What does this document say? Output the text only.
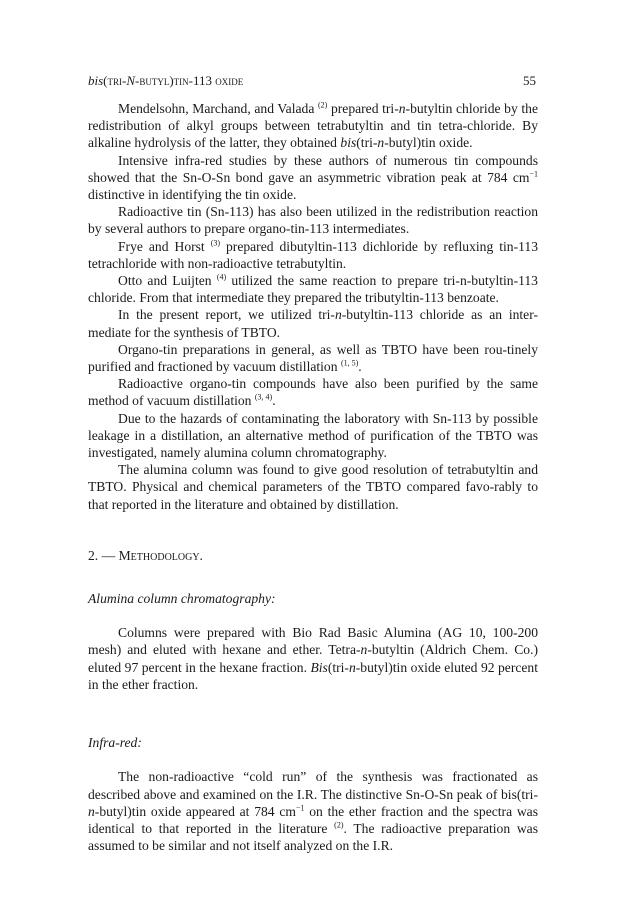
bis(tri-N-butyl)tin-113 oxide	55

Mendelsohn, Marchand, and Valada $^{(2)}$ prepared tri-n-butyltin chloride by the redistribution of alkyl groups between tetrabutyltin and tin tetra-chloride. By alkaline hydrolysis of the latter, they obtained bis(tri-n-butyl)tin oxide.

Intensive infra-red studies by these authors of numerous tin compounds showed that the Sn-O-Sn bond gave an asymmetric vibration peak at 784 $cm^{-1}$ distinctive in identifying the tin oxide.

Radioactive tin (Sn-113) has also been utilized in the redistribution reaction by several authors to prepare organo-tin-113 intermediates.

Frye and Horst $^{(3)}$ prepared dibutyltin-113 dichloride by refluxing tin-113 tetrachloride with non-radioactive tetrabutyltin.

Otto and Luijten $^{(4)}$ utilized the same reaction to prepare tri-n-butyltin-113 chloride. From that intermediate they prepared the tributyltin-113 benzoate.

In the present report, we utilized tri-n-butyltin-113 chloride as an inter-mediate for the synthesis of TBTO.

Organo-tin preparations in general, as well as TBTO have been rou-tinely purified and fractioned by vacuum distillation $^{(1, 5)}$.

Radioactive organo-tin compounds have also been purified by the same method of vacuum distillation $^{(3, 4)}$.

Due to the hazards of contaminating the laboratory with Sn-113 by possible leakage in a distillation, an alternative method of purification of the TBTO was investigated, namely alumina column chromatography.

The alumina column was found to give good resolution of tetrabutyltin and TBTO. Physical and chemical parameters of the TBTO compared favo-rably to that reported in the literature and obtained by distillation.

2. — Methodology.

Alumina column chromatography:

Columns were prepared with Bio Rad Basic Alumina (AG 10, 100-200 mesh) and eluted with hexane and ether. Tetra-n-butyltin (Aldrich Chem. Co.) eluted 97 percent in the hexane fraction. Bis(tri-n-butyl)tin oxide eluted 92 percent in the ether fraction.

Infra-red:

The non-radioactive “cold run” of the synthesis was fractionated as described above and examined on the I.R. The distinctive Sn-O-Sn peak of bis(tri-n-butyl)tin oxide appeared at 784 $cm^{-1}$ on the ether fraction and the spectra was identical to that reported in the literature $^{(2)}$. The radioactive preparation was assumed to be similar and not itself analyzed on the I.R.
